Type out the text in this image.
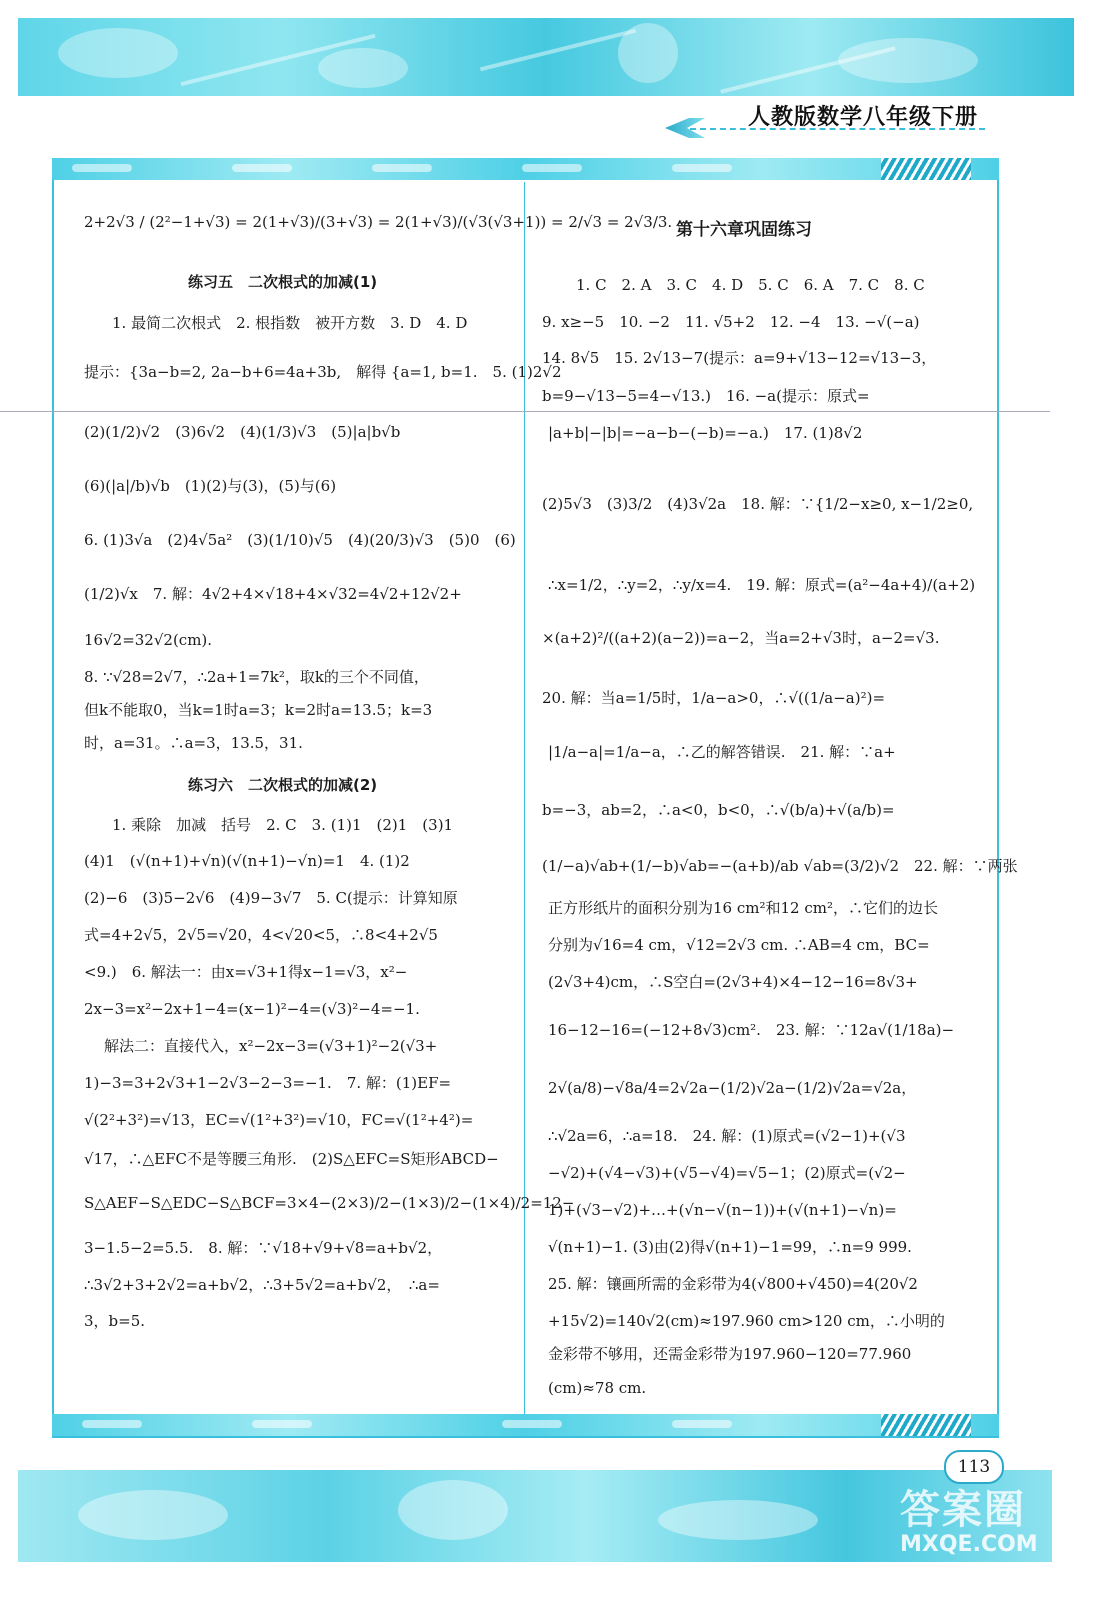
人教版数学八年级下册
2+2√3 / (2²−1+√3) = 2(1+√3)/(3+√3) = 2(1+√3)/(√3(√3+1)) = 2/√3 = 2√3/3.
练习五　二次根式的加减(1)
1. 最简二次根式　2. 根指数　被开方数　3. D　4. D
提示：{3a−b=2, 2a−b+6=4a+3b,　解得 {a=1, b=1.　5. (1)2√2
(2)(1/2)√2　(3)6√2　(4)(1/3)√3　(5)|a|b√b
(6)(|a|/b)√b　(1)(2)与(3)，(5)与(6)
6. (1)3√a　(2)4√5a²　(3)(1/10)√5　(4)(20/3)√3　(5)0　(6)
(1/2)√x　7. 解：4√2+4×√18+4×√32=4√2+12√2+
16√2=32√2(cm).
8. ∵√28=2√7，∴2a+1=7k²，取k的三个不同值，
但k不能取0，当k=1时a=3；k=2时a=13.5；k=3
时，a=31。∴a=3，13.5，31.
练习六　二次根式的加减(2)
1. 乘除　加减　括号　2. C　3. (1)1　(2)1　(3)1
(4)1　(√(n+1)+√n)(√(n+1)−√n)=1　4. (1)2
(2)−6　(3)5−2√6　(4)9−3√7　5. C(提示：计算知原
式=4+2√5，2√5=√20，4<√20<5，∴8<4+2√5
<9.)　6. 解法一：由x=√3+1得x−1=√3，x²−
2x−3=x²−2x+1−4=(x−1)²−4=(√3)²−4=−1.
解法二：直接代入，x²−2x−3=(√3+1)²−2(√3+
1)−3=3+2√3+1−2√3−2−3=−1.　7. 解：(1)EF=
√(2²+3²)=√13，EC=√(1²+3²)=√10，FC=√(1²+4²)=
√17，∴△EFC不是等腰三角形.　(2)S△EFC=S矩形ABCD−
S△AEF−S△EDC−S△BCF=3×4−(2×3)/2−(1×3)/2−(1×4)/2=12−
3−1.5−2=5.5.　8. 解：∵√18+√9+√8=a+b√2，
∴3√2+3+2√2=a+b√2，∴3+5√2=a+b√2，　∴a=
3，b=5.
第十六章巩固练习
1. C　2. A　3. C　4. D　5. C　6. A　7. C　8. C
9. x≥−5　10. −2　11. √5+2　12. −4　13. −√(−a)
14. 8√5　15. 2√13−7(提示：a=9+√13−12=√13−3，
b=9−√13−5=4−√13.)　16. −a(提示：原式=
|a+b|−|b|=−a−b−(−b)=−a.)　17. (1)8√2
(2)5√3　(3)3/2　(4)3√2a　18. 解：∵{1/2−x≥0, x−1/2≥0,
∴x=1/2，∴y=2，∴y/x=4.　19. 解：原式=(a²−4a+4)/(a+2)
×(a+2)²/((a+2)(a−2))=a−2，当a=2+√3时，a−2=√3.
20. 解：当a=1/5时，1/a−a>0，∴√((1/a−a)²)=
|1/a−a|=1/a−a，∴乙的解答错误.　21. 解：∵a+
b=−3，ab=2，∴a<0，b<0，∴√(b/a)+√(a/b)=
(1/−a)√ab+(1/−b)√ab=−(a+b)/ab √ab=(3/2)√2　22. 解：∵两张
正方形纸片的面积分别为16 cm²和12 cm²，∴它们的边长
分别为√16=4 cm，√12=2√3 cm. ∴AB=4 cm，BC=
(2√3+4)cm，∴S空白=(2√3+4)×4−12−16=8√3+
16−12−16=(−12+8√3)cm².　23. 解：∵12a√(1/18a)−
2√(a/8)−√8a/4=2√2a−(1/2)√2a−(1/2)√2a=√2a，
∴√2a=6，∴a=18.　24. 解：(1)原式=(√2−1)+(√3
−√2)+(√4−√3)+(√5−√4)=√5−1；(2)原式=(√2−
1)+(√3−√2)+…+(√n−√(n−1))+(√(n+1)−√n)=
√(n+1)−1. (3)由(2)得√(n+1)−1=99，∴n=9 999.
25. 解：镶画所需的金彩带为4(√800+√450)=4(20√2
+15√2)=140√2(cm)≈197.960 cm>120 cm，∴小明的
金彩带不够用，还需金彩带为197.960−120=77.960
(cm)≈78 cm.
113
答案圈
MXQE.COM
